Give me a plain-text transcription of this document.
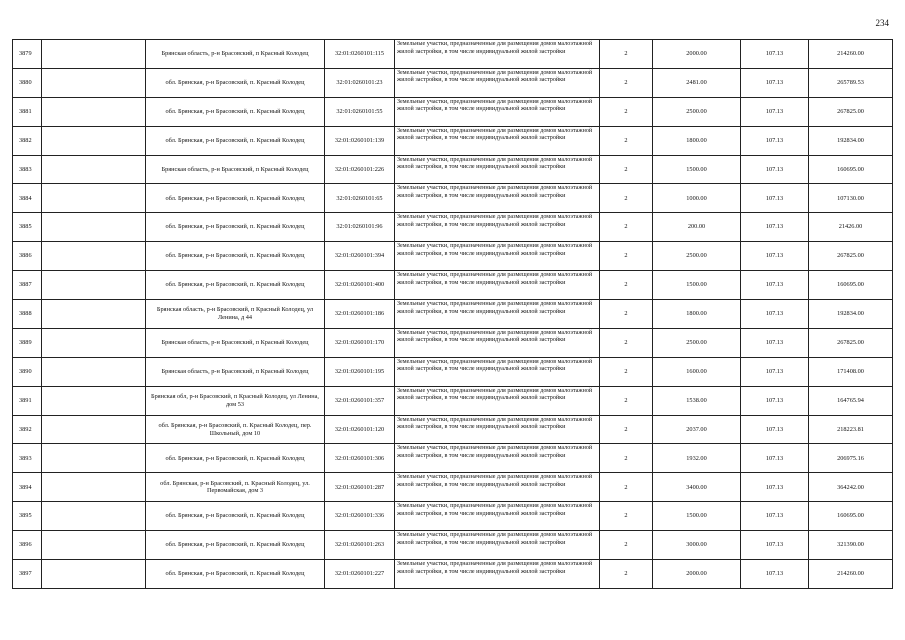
234
3879		Брянская область, р-н Брасовский, п Красный Колодец	32:01:0260101:115	Земельные участки, предназначенные для размещения домов малоэтажной жилой застройки, в том числе индивидуальной жилой застройки	2	2000.00	107.13	214260.00
3880		обл. Брянская, р-н Брасовский, п. Красный Колодец	32:01:0260101:23	Земельные участки, предназначенные для размещения домов малоэтажной жилой застройки, в том числе индивидуальной жилой застройки	2	2481.00	107.13	265789.53
3881		обл. Брянская, р-н Брасовский, п. Красный Колодец	32:01:0260101:55	Земельные участки, предназначенные для размещения домов малоэтажной жилой застройки, в том числе индивидуальной жилой застройки	2	2500.00	107.13	267825.00
3882		обл. Брянская, р-н Брасовский, п. Красный Колодец	32:01:0260101:139	Земельные участки, предназначенные для размещения домов малоэтажной жилой застройки, в том числе индивидуальной жилой застройки	2	1800.00	107.13	192834.00
3883		Брянская область, р-н Брасовский, п Красный Колодец	32:01:0260101:226	Земельные участки, предназначенные для размещения домов малоэтажной жилой застройки, в том числе индивидуальной жилой застройки	2	1500.00	107.13	160695.00
3884		обл. Брянская, р-н Брасовский, п. Красный Колодец	32:01:0260101:65	Земельные участки, предназначенные для размещения домов малоэтажной жилой застройки, в том числе индивидуальной жилой застройки	2	1000.00	107.13	107130.00
3885		обл. Брянская, р-н Брасовский, п. Красный Колодец	32:01:0260101:96	Земельные участки, предназначенные для размещения домов малоэтажной жилой застройки, в том числе индивидуальной жилой застройки	2	200.00	107.13	21426.00
3886		обл. Брянская, р-н Брасовский, п. Красный Колодец	32:01:0260101:394	Земельные участки, предназначенные для размещения домов малоэтажной жилой застройки, в том числе индивидуальной жилой застройки	2	2500.00	107.13	267825.00
3887		обл. Брянская, р-н Брасовский, п. Красный Колодец	32:01:0260101:400	Земельные участки, предназначенные для размещения домов малоэтажной жилой застройки, в том числе индивидуальной жилой застройки	2	1500.00	107.13	160695.00
3888		Брянская область, р-н Брасовский, п Красный Колодец, ул Ленина, д 44	32:01:0260101:186	Земельные участки, предназначенные для размещения домов малоэтажной жилой застройки, в том числе индивидуальной жилой застройки	2	1800.00	107.13	192834.00
3889		Брянская область, р-н Брасовский, п Красный Колодец	32:01:0260101:170	Земельные участки, предназначенные для размещения домов малоэтажной жилой застройки, в том числе индивидуальной жилой застройки	2	2500.00	107.13	267825.00
3890		Брянская область, р-н Брасовский, п Красный Колодец	32:01:0260101:195	Земельные участки, предназначенные для размещения домов малоэтажной жилой застройки, в том числе индивидуальной жилой застройки	2	1600.00	107.13	171408.00
3891		Брянская обл, р-н Брасовский, п Красный Колодец, ул Ленина, дом 53	32:01:0260101:357	Земельные участки, предназначенные для размещения домов малоэтажной жилой застройки, в том числе индивидуальной жилой застройки	2	1538.00	107.13	164765.94
3892		обл. Брянская, р-н Брасовский, п. Красный Колодец, пер. Школьный, дом 10	32:01:0260101:120	Земельные участки, предназначенные для размещения домов малоэтажной жилой застройки, в том числе индивидуальной жилой застройки	2	2037.00	107.13	218223.81
3893		обл. Брянская, р-н Брасовский, п. Красный Колодец	32:01:0260101:306	Земельные участки, предназначенные для размещения домов малоэтажной жилой застройки, в том числе индивидуальной жилой застройки	2	1932.00	107.13	206975.16
3894		обл. Брянская, р-н Брасовский, п. Красный Колодец, ул. Первомайская, дом 3	32:01:0260101:287	Земельные участки, предназначенные для размещения домов малоэтажной жилой застройки, в том числе индивидуальной жилой застройки	2	3400.00	107.13	364242.00
3895		обл. Брянская, р-н Брасовский, п. Красный Колодец	32:01:0260101:336	Земельные участки, предназначенные для размещения домов малоэтажной жилой застройки, в том числе индивидуальной жилой застройки	2	1500.00	107.13	160695.00
3896		обл. Брянская, р-н Брасовский, п. Красный Колодец	32:01:0260101:263	Земельные участки, предназначенные для размещения домов малоэтажной жилой застройки, в том числе индивидуальной жилой застройки	2	3000.00	107.13	321390.00
3897		обл. Брянская, р-н Брасовский, п. Красный Колодец	32:01:0260101:227	Земельные участки, предназначенные для размещения домов малоэтажной жилой застройки, в том числе индивидуальной жилой застройки	2	2000.00	107.13	214260.00
